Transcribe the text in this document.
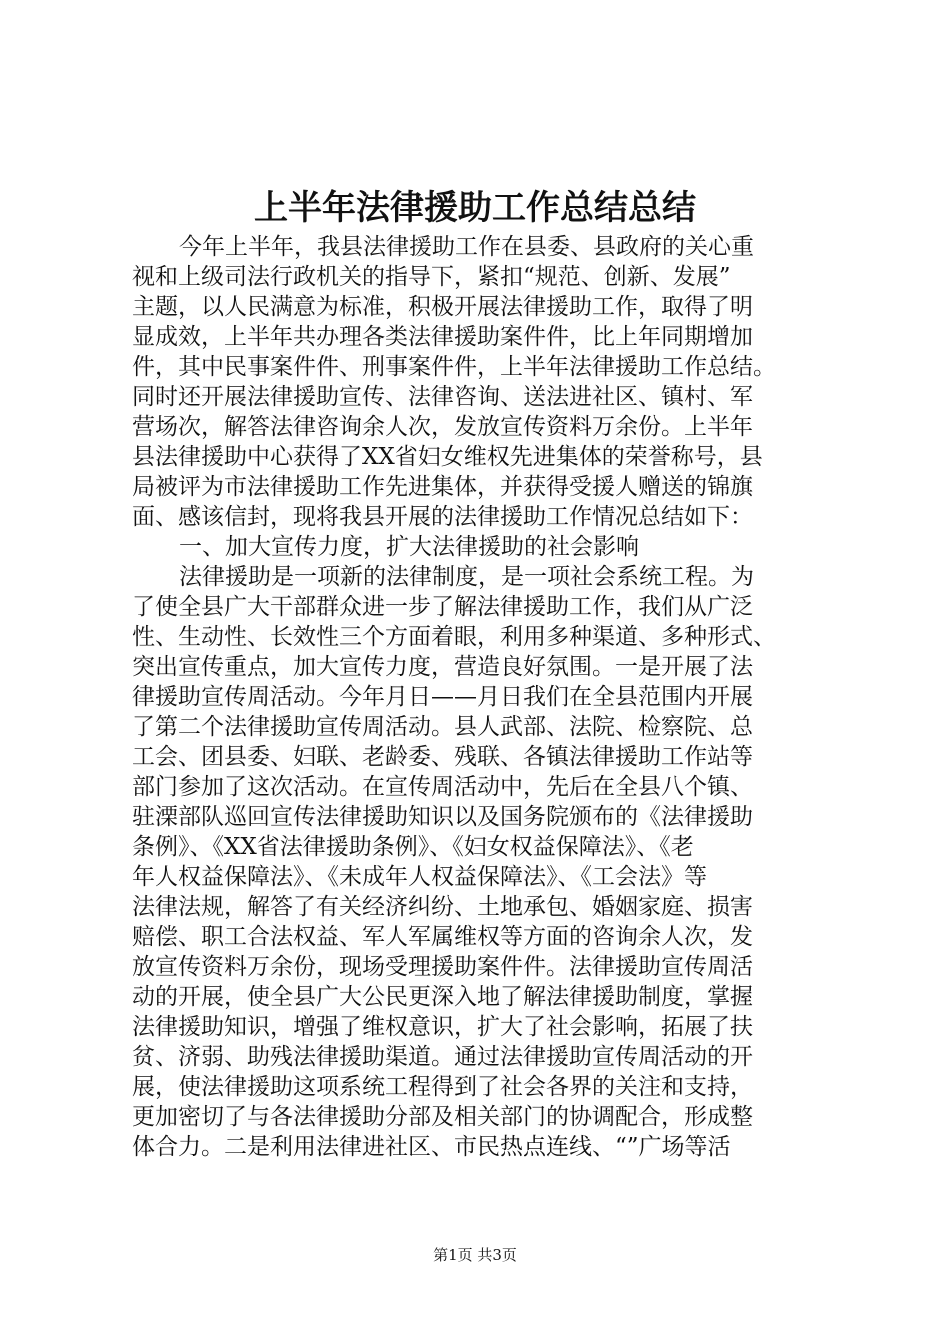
上半年法律援助工作总结总结
今年上半年，我县法律援助工作在县委、县政府的关心重
视和上级司法行政机关的指导下，紧扣“规范、创新、发展”
主题，以人民满意为标准，积极开展法律援助工作，取得了明
显成效，上半年共办理各类法律援助案件件，比上年同期增加
件，其中民事案件件、刑事案件件，上半年法律援助工作总结。
同时还开展法律援助宣传、法律咨询、送法进社区、镇村、军
营场次，解答法律咨询余人次，发放宣传资料万余份。上半年
县法律援助中心获得了XX省妇女维权先进集体的荣誉称号，县
局被评为市法律援助工作先进集体，并获得受援人赠送的锦旗
面、感该信封，现将我县开展的法律援助工作情况总结如下：
一、加大宣传力度，扩大法律援助的社会影响
法律援助是一项新的法律制度，是一项社会系统工程。为
了使全县广大干部群众进一步了解法律援助工作，我们从广泛
性、生动性、长效性三个方面着眼，利用多种渠道、多种形式、
突出宣传重点，加大宣传力度，营造良好氛围。一是开展了法
律援助宣传周活动。今年月日——月日我们在全县范围内开展
了第二个法律援助宣传周活动。县人武部、法院、检察院、总
工会、团县委、妇联、老龄委、残联、各镇法律援助工作站等
部门参加了这次活动。在宣传周活动中，先后在全县八个镇、
驻溧部队巡回宣传法律援助知识以及国务院颁布的《法律援助
条例》、《XX省法律援助条例》、《妇女权益保障法》、《老
年人权益保障法》、《未成年人权益保障法》、《工会法》等
法律法规，解答了有关经济纠纷、土地承包、婚姻家庭、损害
赔偿、职工合法权益、军人军属维权等方面的咨询余人次，发
放宣传资料万余份，现场受理援助案件件。法律援助宣传周活
动的开展，使全县广大公民更深入地了解法律援助制度，掌握
法律援助知识，增强了维权意识，扩大了社会影响，拓展了扶
贫、济弱、助残法律援助渠道。通过法律援助宣传周活动的开
展，使法律援助这项系统工程得到了社会各界的关注和支持，
更加密切了与各法律援助分部及相关部门的协调配合，形成整
体合力。二是利用法律进社区、市民热点连线、“”广场等活
第1页 共3页
